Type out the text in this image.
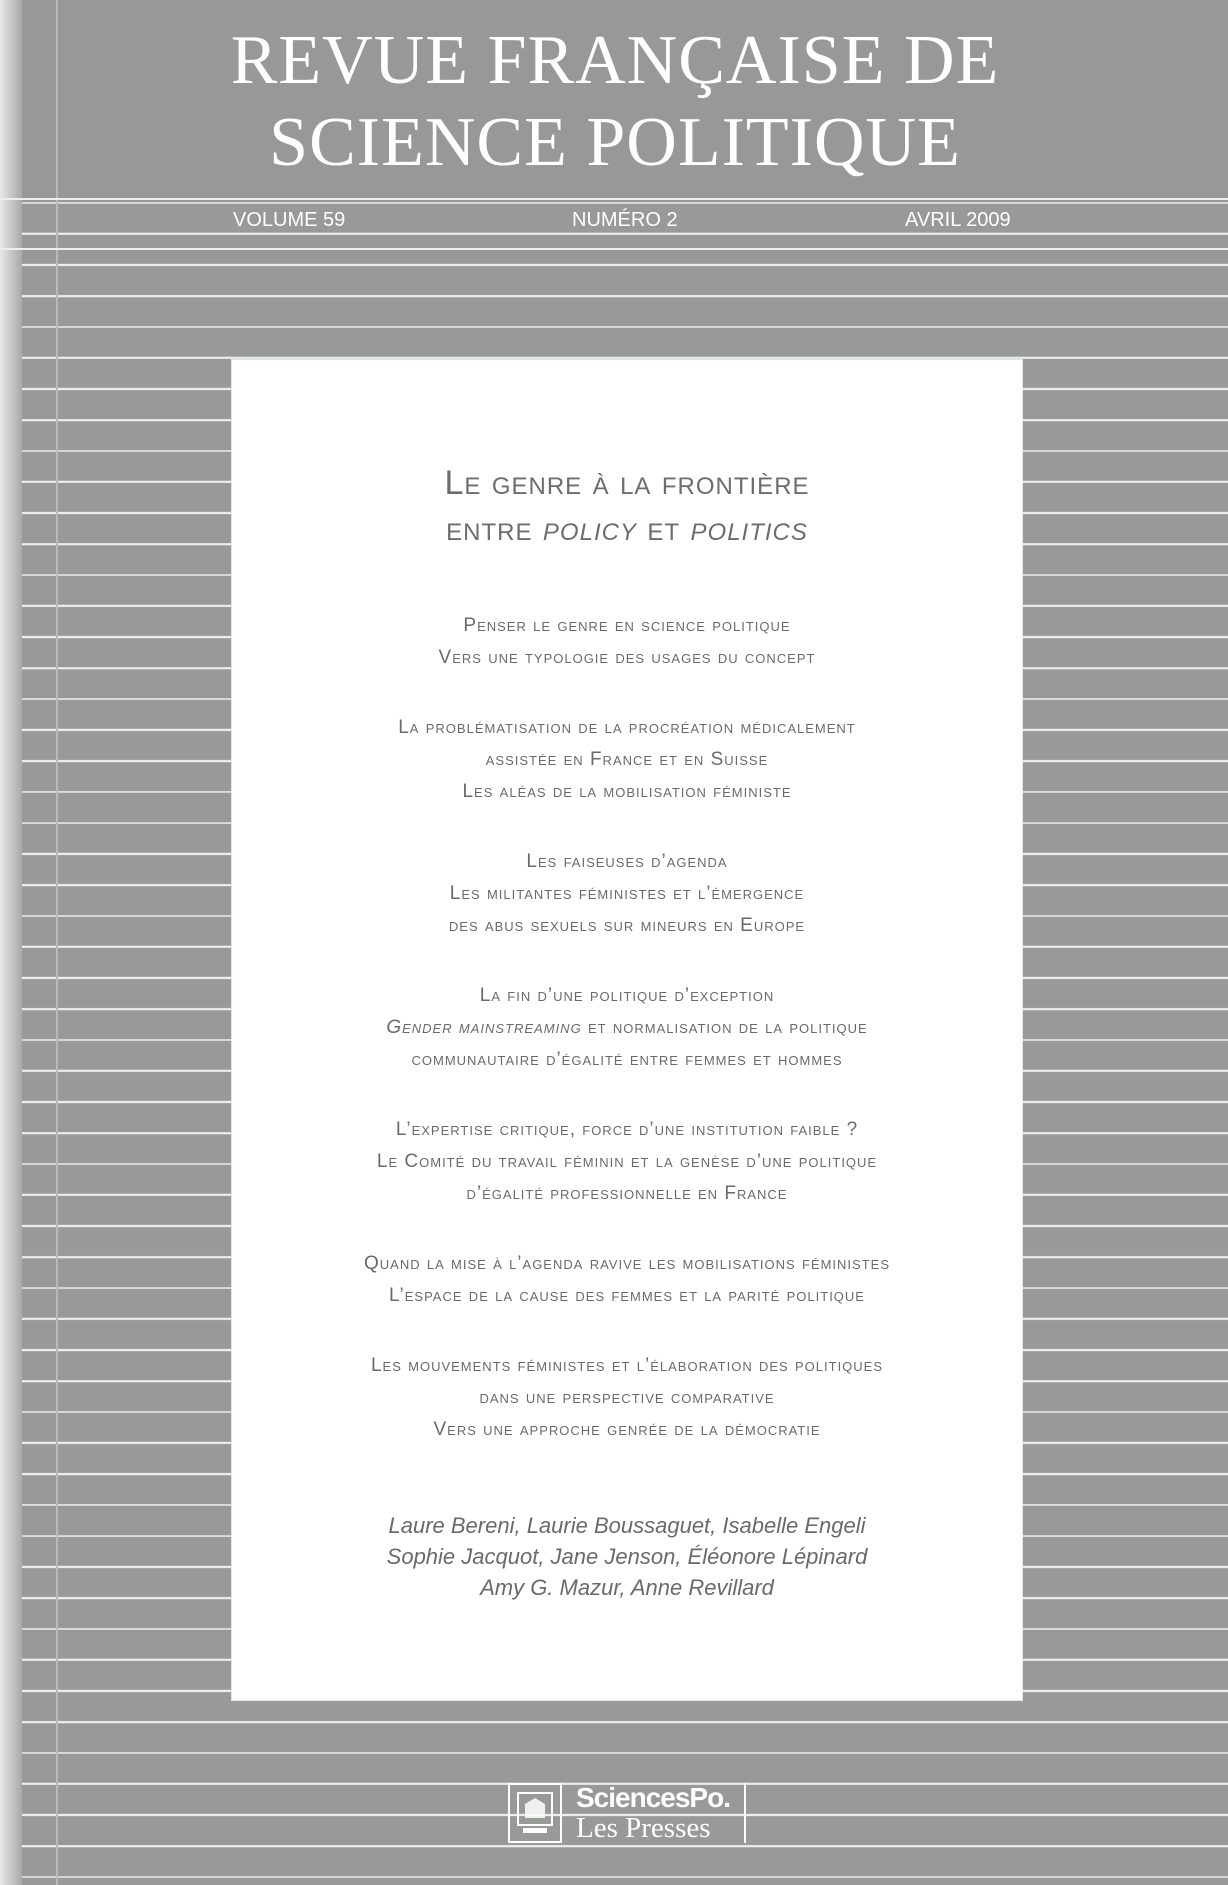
REVUE FRANÇAISE DE
SCIENCE POLITIQUE
VOLUME 59	NUMÉRO 2	AVRIL 2009
Le genre à la frontière
entre policy et politics
Penser le genre en science politique
Vers une typologie des usages du concept
La problématisation de la procréation médicalement
assistée en France et en Suisse
Les aléas de la mobilisation féministe
Les faiseuses d’agenda
Les militantes féministes et l’émergence
des abus sexuels sur mineurs en Europe
La fin d’une politique d’exception
Gender mainstreaming et normalisation de la politique
communautaire d’égalité entre femmes et hommes
L’expertise critique, force d’une institution faible ?
Le Comité du travail féminin et la genèse d’une politique
d’égalité professionnelle en France
Quand la mise à l’agenda ravive les mobilisations féministes
L’espace de la cause des femmes et la parité politique
Les mouvements féministes et l’élaboration des politiques
dans une perspective comparative
Vers une approche genrée de la démocratie
Laure Bereni, Laurie Boussaguet, Isabelle Engeli
Sophie Jacquot, Jane Jenson, Éléonore Lépinard
Amy G. Mazur, Anne Revillard
SciencesPo.
Les Presses
